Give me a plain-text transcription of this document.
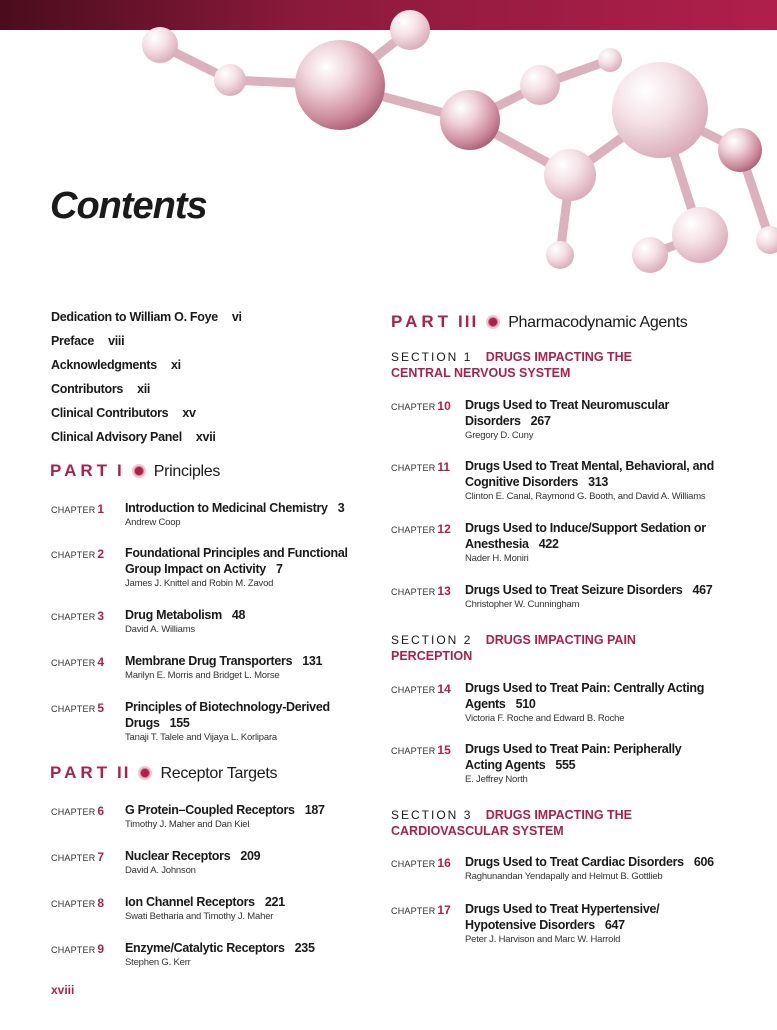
Contents
Dedication to William O. Foye vi
Preface viii
Acknowledgments xi
Contributors xii
Clinical Contributors xv
Clinical Advisory Panel xvii
PART I Principles
CHAPTER 1 Introduction to Medicinal Chemistry 3
Andrew Coop
CHAPTER 2 Foundational Principles and Functional
Group Impact on Activity 7
James J. Knittel and Robin M. Zavod
CHAPTER 3 Drug Metabolism 48
David A. Williams
CHAPTER 4 Membrane Drug Transporters 131
Marilyn E. Morris and Bridget L. Morse
CHAPTER 5 Principles of Biotechnology-Derived
Drugs 155
Tanaji T. Talele and Vijaya L. Korlipara
PART II Receptor Targets
CHAPTER 6 G Protein–Coupled Receptors 187
Timothy J. Maher and Dan Kiel
CHAPTER 7 Nuclear Receptors 209
David A. Johnson
CHAPTER 8 Ion Channel Receptors 221
Swati Betharia and Timothy J. Maher
CHAPTER 9 Enzyme/Catalytic Receptors 235
Stephen G. Kerr
PART III Pharmacodynamic Agents
SECTION 1 DRUGS IMPACTING THE
CENTRAL NERVOUS SYSTEM
CHAPTER 10 Drugs Used to Treat Neuromuscular
Disorders 267
Gregory D. Cuny
CHAPTER 11 Drugs Used to Treat Mental, Behavioral, and
Cognitive Disorders 313
Clinton E. Canal, Raymond G. Booth, and David A. Williams
CHAPTER 12 Drugs Used to Induce/Support Sedation or
Anesthesia 422
Nader H. Moniri
CHAPTER 13 Drugs Used to Treat Seizure Disorders 467
Christopher W. Cunningham
SECTION 2 DRUGS IMPACTING PAIN
PERCEPTION
CHAPTER 14 Drugs Used to Treat Pain: Centrally Acting
Agents 510
Victoria F. Roche and Edward B. Roche
CHAPTER 15 Drugs Used to Treat Pain: Peripherally
Acting Agents 555
E. Jeffrey North
SECTION 3 DRUGS IMPACTING THE
CARDIOVASCULAR SYSTEM
CHAPTER 16 Drugs Used to Treat Cardiac Disorders 606
Raghunandan Yendapally and Helmut B. Gottlieb
CHAPTER 17 Drugs Used to Treat Hypertensive/
Hypotensive Disorders 647
Peter J. Harvison and Marc W. Harrold
xviii
